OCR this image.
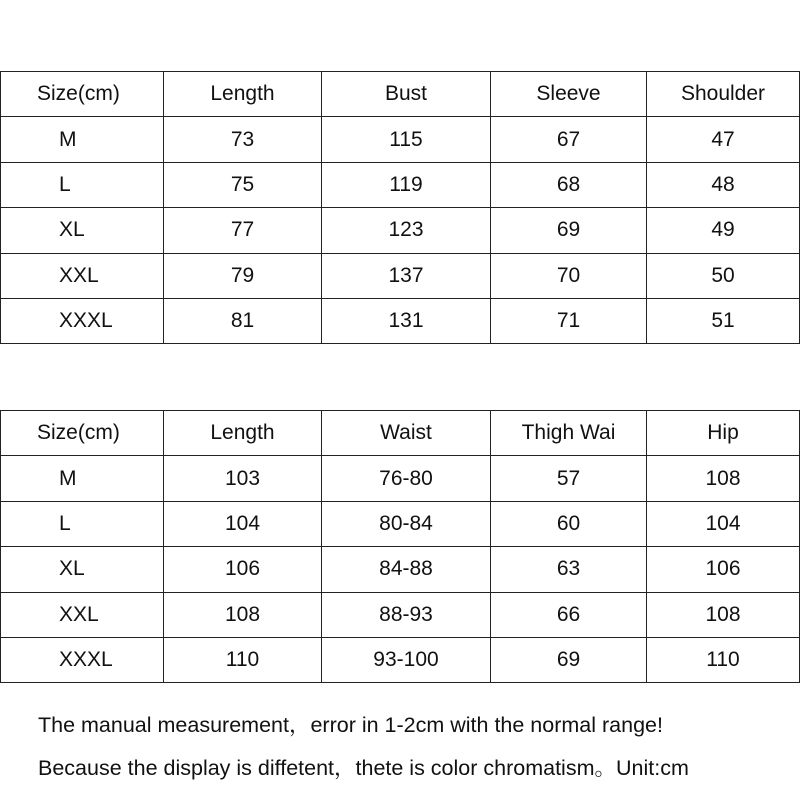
Size(cm)	Length	Bust	Sleeve	Shoulder
M	73	115	67	47
L	75	119	68	48
XL	77	123	69	49
XXL	79	137	70	50
XXXL	81	131	71	51
Size(cm)	Length	Waist	Thigh Wai	Hip
M	103	76-80	57	108
L	104	80-84	60	104
XL	106	84-88	63	106
XXL	108	88-93	66	108
XXXL	110	93-100	69	110
The manual measurement，error in 1-2cm with the normal range!
Because the display is diffetent，thete is color chromatism。Unit:cm
